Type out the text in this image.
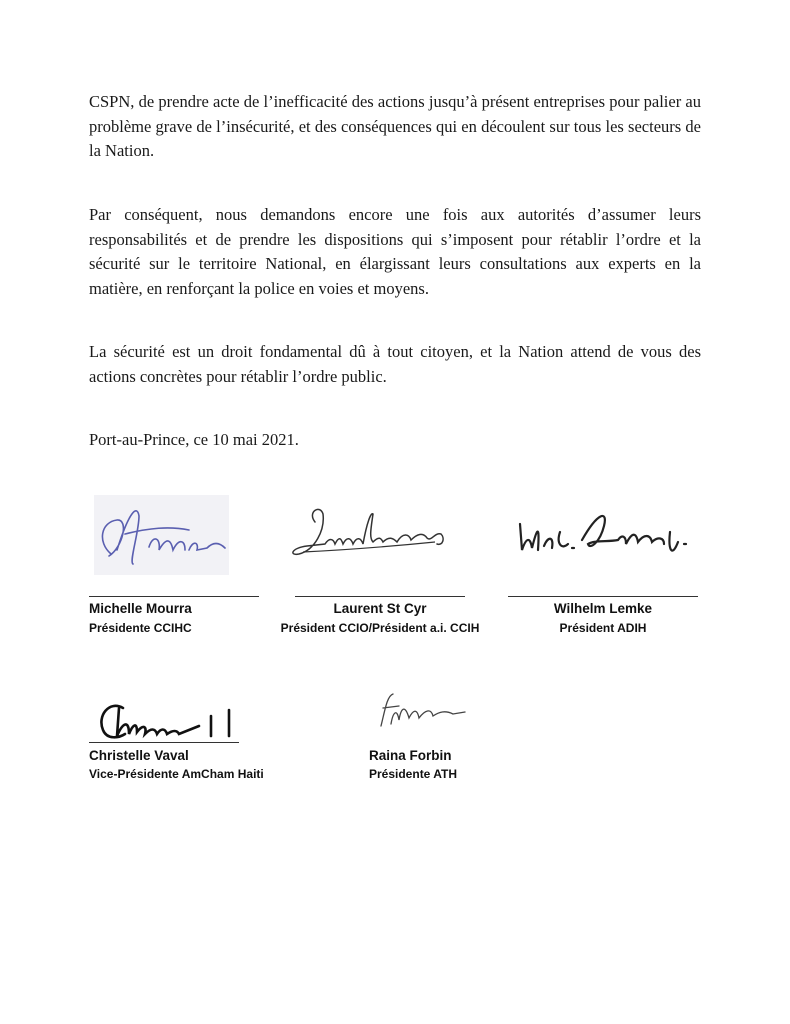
CSPN, de prendre acte de l’inefficacité des actions jusqu’à présent entreprises pour palier au problème grave de l’insécurité, et des conséquences qui en découlent sur tous les secteurs de la Nation.

Par conséquent, nous demandons encore une fois aux autorités d’assumer leurs responsabilités et de prendre les dispositions qui s’imposent pour rétablir l’ordre et la sécurité sur le territoire National, en élargissant leurs consultations aux experts en la matière, en renforçant la police en voies et moyens.

La sécurité est un droit fondamental dû à tout citoyen, et la Nation attend de vous des actions concrètes pour rétablir l’ordre public.

Port-au-Prince, ce 10 mai 2021.

Michelle Mourra
Présidente CCIHC
Laurent St Cyr
Président CCIO/Président a.i. CCIH
Wilhelm Lemke
Président ADIH
Christelle Vaval
Vice-Présidente AmCham Haiti
Raina Forbin
Présidente ATH
